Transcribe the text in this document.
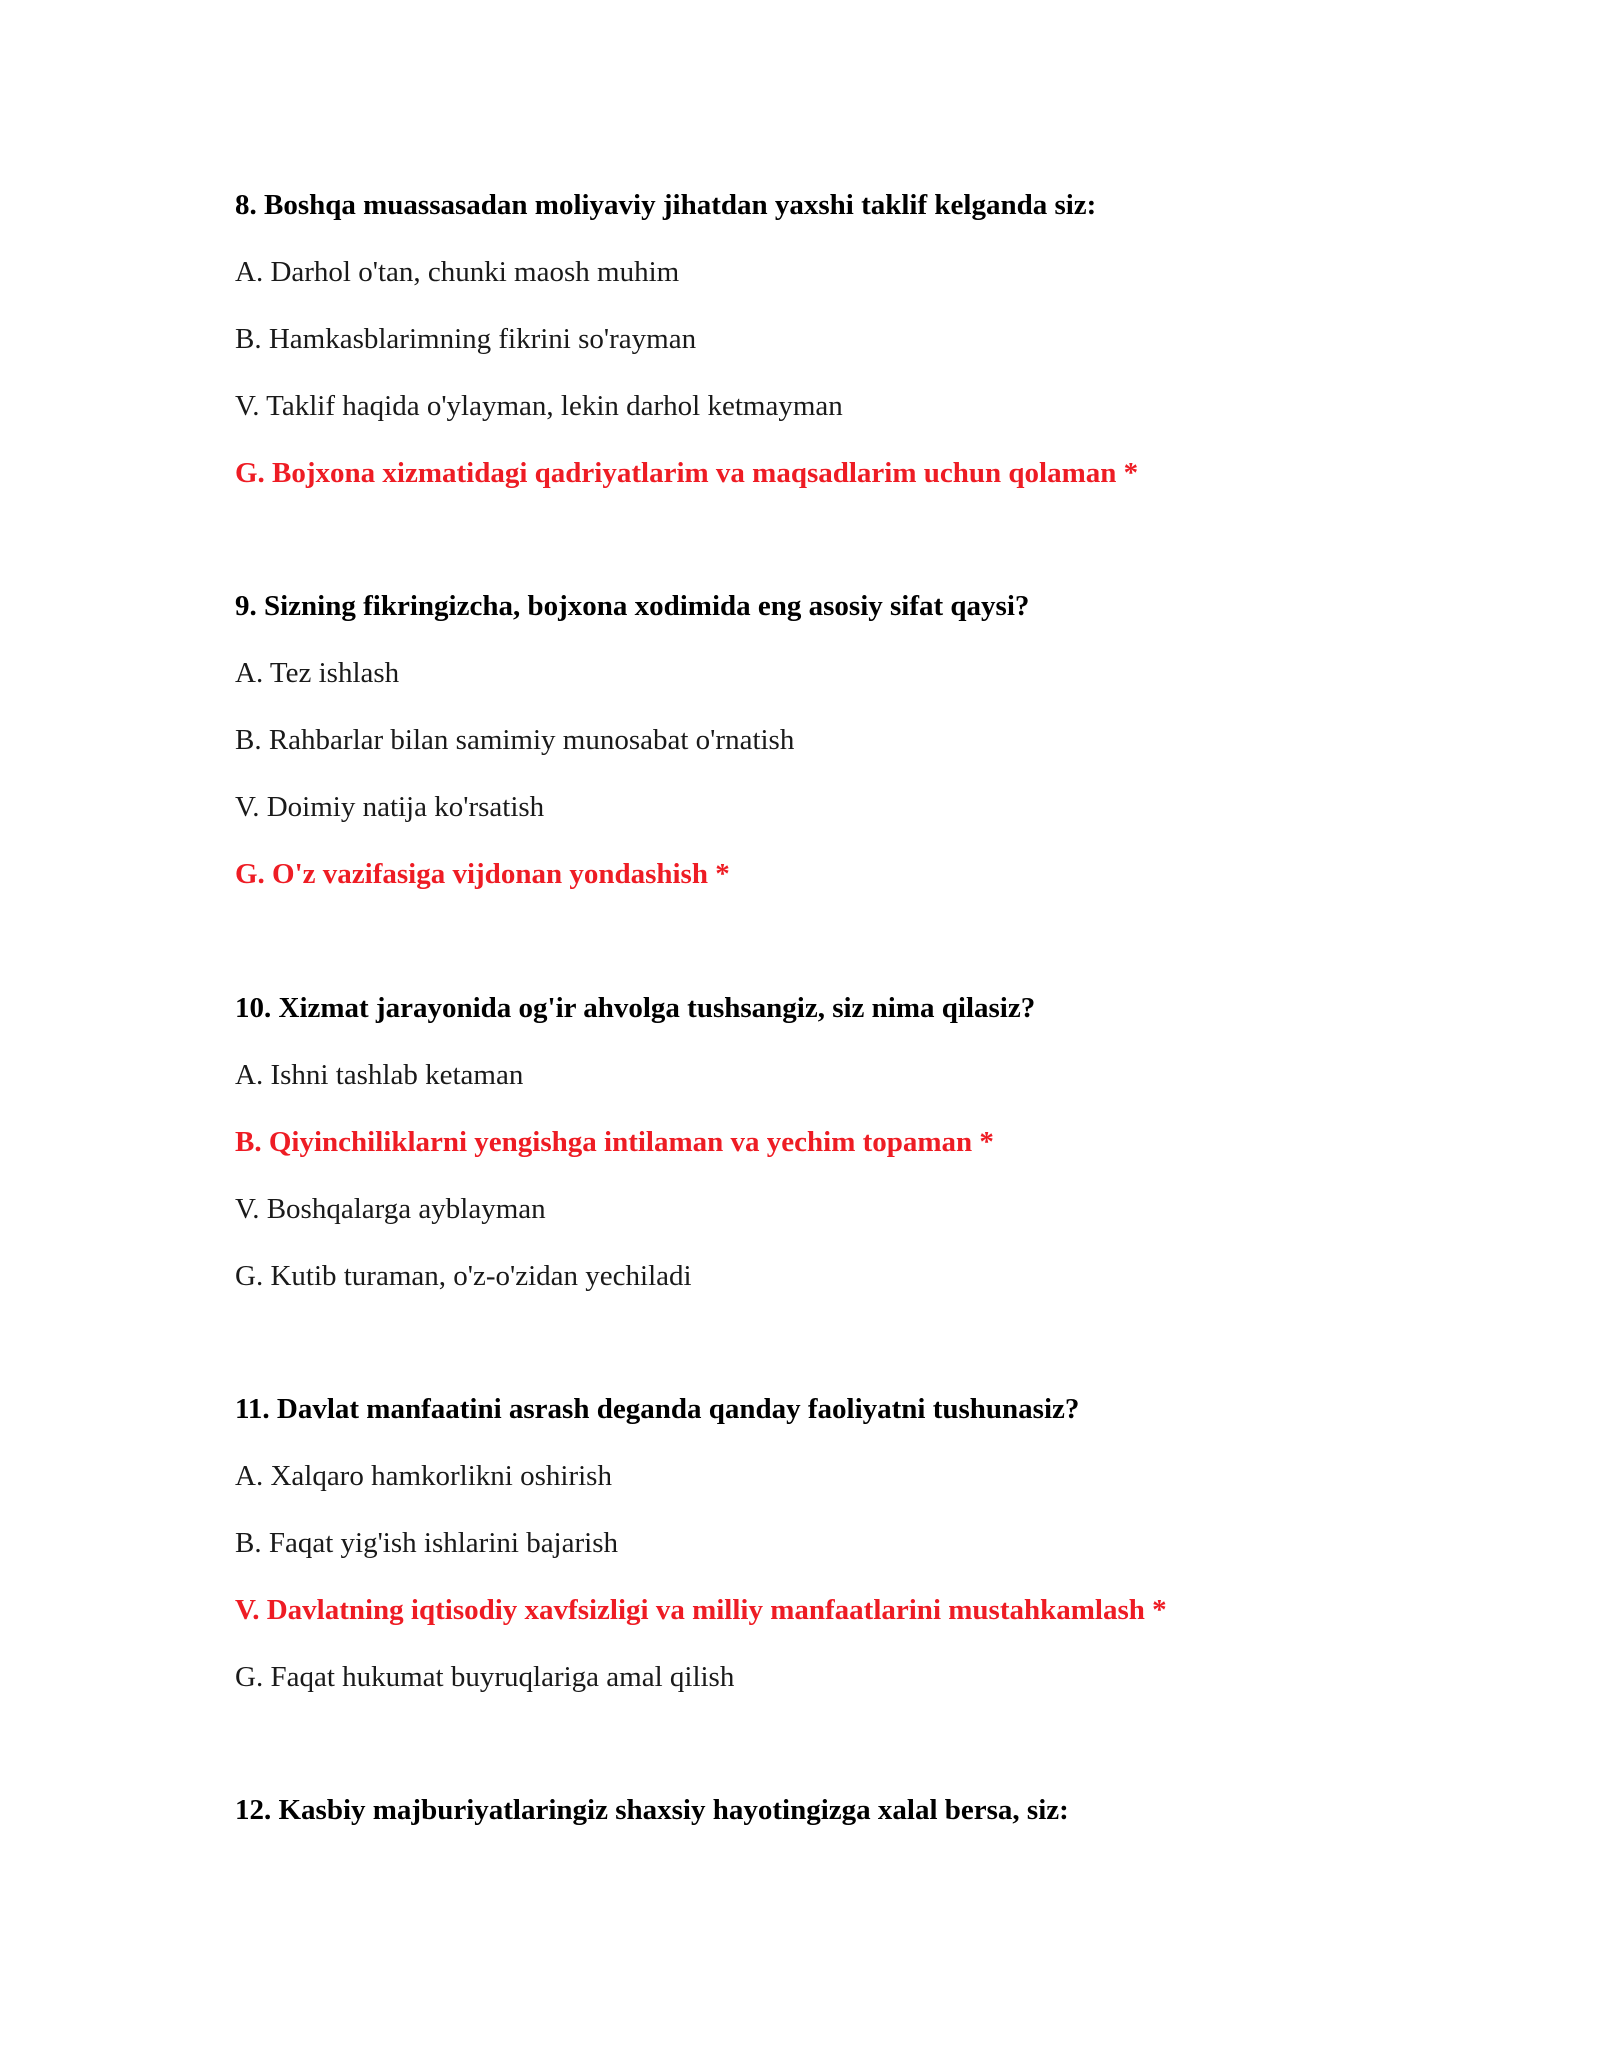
8. Boshqa muassasadan moliyaviy jihatdan yaxshi taklif kelganda siz:

A. Darhol o'tan, chunki maosh muhim

B. Hamkasblarimning fikrini so'rayman

V. Taklif haqida o'ylayman, lekin darhol ketmayman

G. Bojxona xizmatidagi qadriyatlarim va maqsadlarim uchun qolaman *

9. Sizning fikringizcha, bojxona xodimida eng asosiy sifat qaysi?

A. Tez ishlash

B. Rahbarlar bilan samimiy munosabat o'rnatish

V. Doimiy natija ko'rsatish

G. O'z vazifasiga vijdonan yondashish *

10. Xizmat jarayonida og'ir ahvolga tushsangiz, siz nima qilasiz?

A. Ishni tashlab ketaman

B. Qiyinchiliklarni yengishga intilaman va yechim topaman *

V. Boshqalarga ayblayman

G. Kutib turaman, o'z-o'zidan yechiladi

11. Davlat manfaatini asrash deganda qanday faoliyatni tushunasiz?

A. Xalqaro hamkorlikni oshirish

B. Faqat yig'ish ishlarini bajarish

V. Davlatning iqtisodiy xavfsizligi va milliy manfaatlarini mustahkamlash *

G. Faqat hukumat buyruqlariga amal qilish

12. Kasbiy majburiyatlaringiz shaxsiy hayotingizga xalal bersa, siz:
